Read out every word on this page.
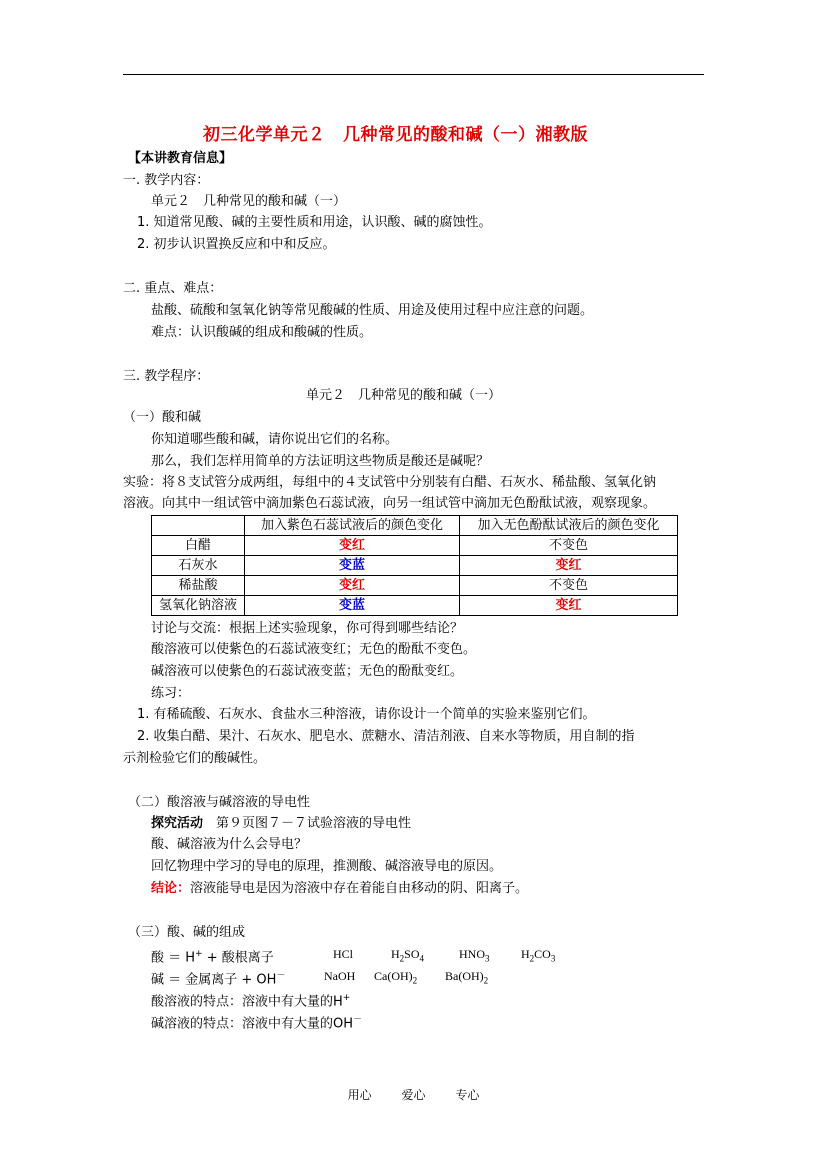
初三化学单元２　几种常见的酸和碱（一）湘教版
【本讲教育信息】
一. 教学内容：
单元２　几种常见的酸和碱（一）
1. 知道常见酸、碱的主要性质和用途，认识酸、碱的腐蚀性。
2. 初步认识置换反应和中和反应。
二. 重点、难点：
盐酸、硫酸和氢氧化钠等常见酸碱的性质、用途及使用过程中应注意的问题。
难点：认识酸碱的组成和酸碱的性质。
三. 教学程序：
单元２　几种常见的酸和碱（一）
（一）酸和碱
你知道哪些酸和碱，请你说出它们的名称。
那么，我们怎样用简单的方法证明这些物质是酸还是碱呢？
实验：将８支试管分成两组，每组中的４支试管中分别装有白醋、石灰水、稀盐酸、氢氧化钠
溶液。向其中一组试管中滴加紫色石蕊试液，向另一组试管中滴加无色酚酞试液，观察现象。
	加入紫色石蕊试液后的颜色变化	加入无色酚酞试液后的颜色变化
白醋	变红	不变色
石灰水	变蓝	变红
稀盐酸	变红	不变色
氢氧化钠溶液	变蓝	变红
讨论与交流：根据上述实验现象，你可得到哪些结论？
酸溶液可以使紫色的石蕊试液变红；无色的酚酞不变色。
碱溶液可以使紫色的石蕊试液变蓝；无色的酚酞变红。
练习：
1. 有稀硫酸、石灰水、食盐水三种溶液，请你设计一个简单的实验来鉴别它们。
2. 收集白醋、果汁、石灰水、肥皂水、蔗糖水、清洁剂液、自来水等物质，用自制的指
示剂检验它们的酸碱性。
（二）酸溶液与碱溶液的导电性
探究活动　第９页图７－７试验溶液的导电性
酸、碱溶液为什么会导电？
回忆物理中学习的导电的原理，推测酸、碱溶液导电的原因。
结论：溶液能导电是因为溶液中存在着能自由移动的阴、阳离子。
（三）酸、碱的组成
酸 ＝ H+ + 酸根离子	HCl	$H_2SO_4$	$HNO_3$	$H_2CO_3$
碱 ＝ 金属离子 + OH－	NaOH $Ca(OH)_2$ $Ba(OH)_2$
酸溶液的特点：溶液中有大量的H+
碱溶液的特点：溶液中有大量的OH－
用心 爱心 专心
